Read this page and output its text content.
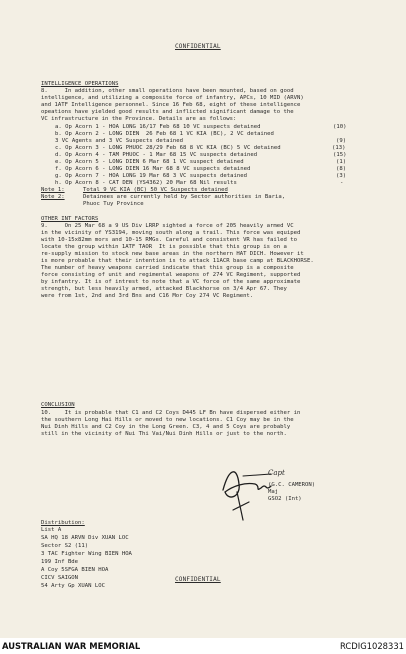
CONFIDENTIAL
INTELLIGENCE OPERATIONS
8.     In addition, other small operations have been mounted, based on good
intelligence, and utilizing a composite force of infantry, APCs, 10 MID (ARVN)
and 1ATF Intelligence personnel. Since 16 Feb 68, eight of these intelligence
opeations have yielded good results and inflicted significant damage to the
VC infrastructure in the Province. Details are as follows:
a. Op Acorn 1 - HOA LONG 16/17 Feb 68 10 VC suspects detained	(10)
b. Op Acorn 2 - LONG DIEN  26 Feb 68 1 VC KIA (BC), 2 VC detained
3 VC Agents and 3 VC Suspects detained	(9)
c. Op Acorn 3 - LONG PHUOC 28/29 Feb 68 8 VC KIA (BC) 5 VC detained	(13)
d. Op Acorn 4 - TAM PHUOC - 1 Mar 68 15 VC suspects detained	(15)
e. Op Acorn 5 - LONG DIEN 6 Mar 68 1 VC suspect detained	(1)
f. Op Acorn 6 - LONG DIEN 16 Mar 68 8 VC suspects detained	(8)
g. Op Acorn 7 - HOA LONG 19 Mar 68 3 VC suspects detained	(3)
h. Op Acorn 8 - CAT DEN (YS4362) 20 Mar 68 Nil results	-
Note 1:	Total 9 VC KIA (BC) 50 VC Suspects detained
Note 2:	Detainees are currently held by Sector authorities in Baria,
Phuoc Tuy Province
OTHER INT FACTORS
9.     On 25 Mar 68 a 9 US Div LRRP sighted a force of 205 heavily armed VC
in the vicinity of YS3194, moving south along a trail. This force was equiped
with 10-15x82mm mors and 10-15 RMGs. Careful and consistent VR has failed to
locate the group within 1ATF TAOR  It is possible that this group is on a
re-supply mission to stock new base areas in the northern HAT DICH. However it
is more probable that their intention is to attack 11ACR base camp at BLACKHORSE.
The number of heavy weapons carried indicate that this group is a composite
force consisting of unit and regimental weapons of 274 VC Regiment, supported
by infantry. It is of intrest to note that a VC force of the same approximate
strength, but less heavily armed, attacked Blackhorse on 3/4 Apr 67. They
were from 1st, 2nd and 3rd Bns and C16 Mor Coy 274 VC Regiment.
CONCLUSION
10.    It is probable that C1 and C2 Coys D445 LF Bn have dispersed either in
the southern Long Hai Hills or moved to new locations. C1 Coy may be in the
Nui Dinh Hills and C2 Coy in the Long Green. C3, 4 and 5 Coys are probably
still in the vicinity of Nui Thi Vai/Nui Dinh Hills or just to the north.
Capt
(G.C. CAMERON)
Maj
GSO2 (Int)
Distribution:
List A
SA HQ 18 ARVN Div XUAN LOC
Sector S2 (11)
3 TAC Fighter Wing BIEN HOA
199 Inf Bde
A Coy 5SFGA BIEN HOA
CICV SAIGON
54 Arty Gp XUAN LOC
CONFIDENTIAL
AUSTRALIAN WAR MEMORIAL	RCDIG1028331
